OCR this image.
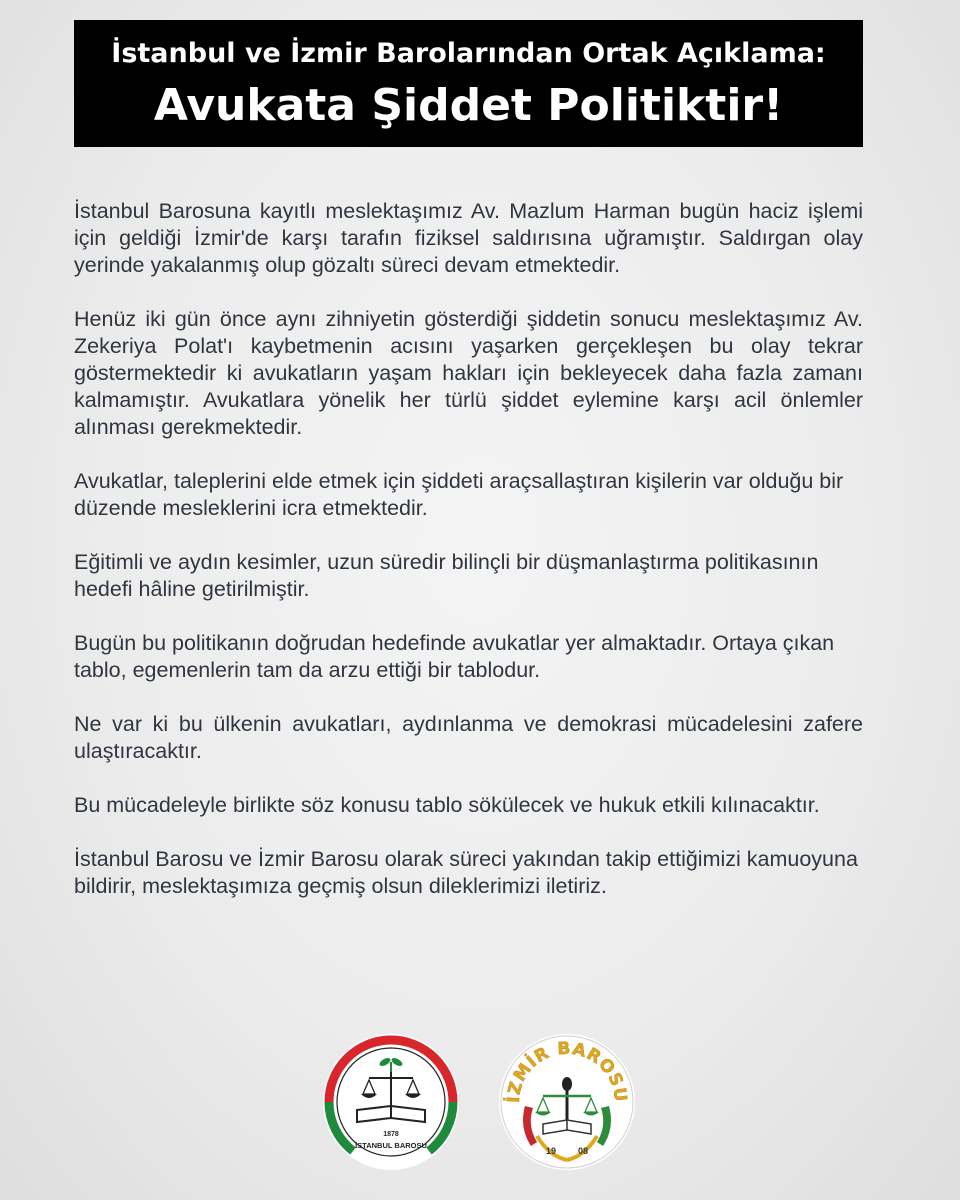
İstanbul ve İzmir Barolarından Ortak Açıklama:
Avukata Şiddet Politiktir!

İstanbul Barosuna kayıtlı meslektaşımız Av. Mazlum Harman bugün haciz işlemi için geldiği İzmir'de karşı tarafın fiziksel saldırısına uğramıştır. Saldırgan olay yerinde yakalanmış olup gözaltı süreci devam etmektedir.

Henüz iki gün önce aynı zihniyetin gösterdiği şiddetin sonucu meslektaşımız Av. Zekeriya Polat'ı kaybetmenin acısını yaşarken gerçekleşen bu olay tekrar göstermektedir ki avukatların yaşam hakları için bekleyecek daha fazla zamanı kalmamıştır. Avukatlara yönelik her türlü şiddet eylemine karşı acil önlemler alınması gerekmektedir.

Avukatlar, taleplerini elde etmek için şiddeti araçsallaştıran kişilerin var olduğu bir düzende mesleklerini icra etmektedir.

Eğitimli ve aydın kesimler, uzun süredir bilinçli bir düşmanlaştırma politikasının hedefi hâline getirilmiştir.

Bugün bu politikanın doğrudan hedefinde avukatlar yer almaktadır. Ortaya çıkan tablo, egemenlerin tam da arzu ettiği bir tablodur.

Ne var ki bu ülkenin avukatları, aydınlanma ve demokrasi mücadelesini zafere ulaştıracaktır.

Bu mücadeleyle birlikte söz konusu tablo sökülecek ve hukuk etkili kılınacaktır.

İstanbul Barosu ve İzmir Barosu olarak süreci yakından takip ettiğimizi kamuoyuna bildirir, meslektaşımıza geçmiş olsun dileklerimizi iletiriz.

1878
İSTANBUL BAROSU
İZMİR BAROSU
19 08
